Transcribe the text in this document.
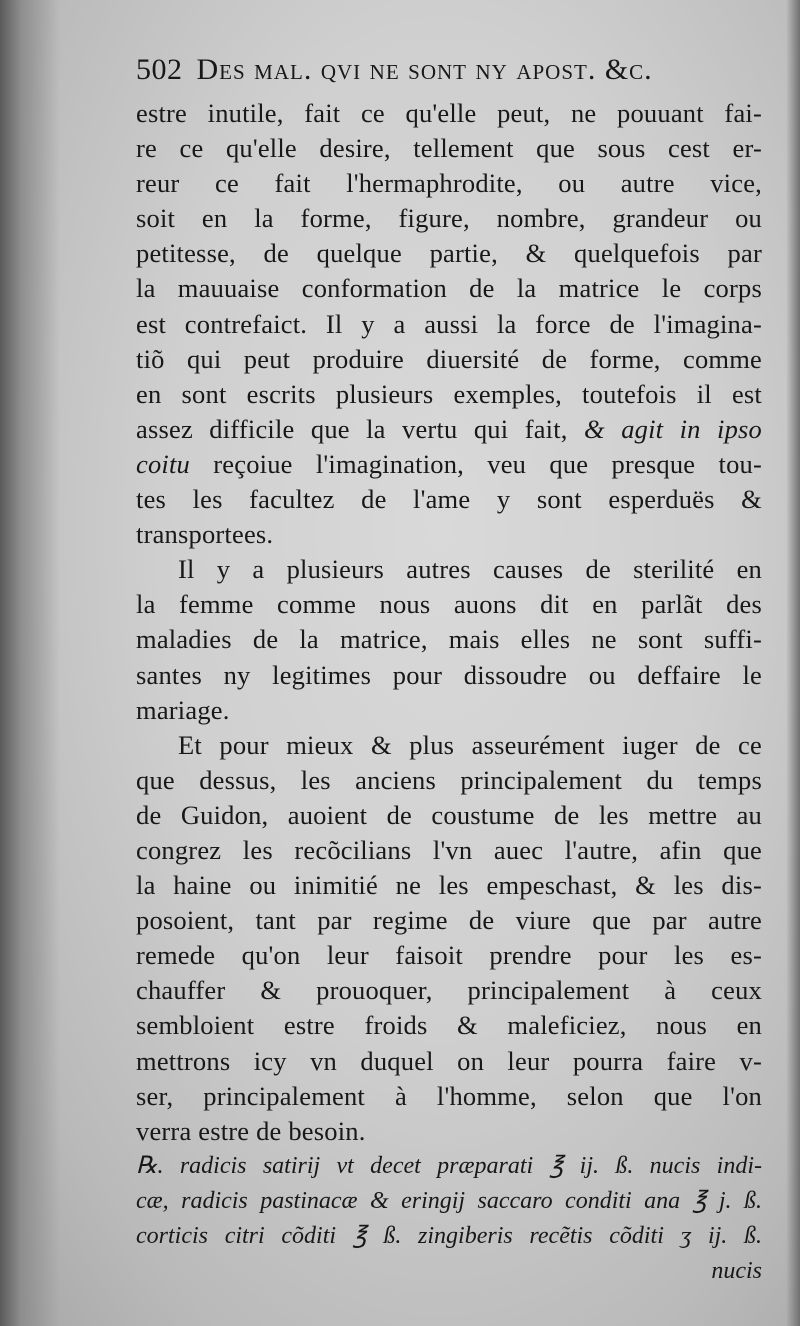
502 Des mal. qvi ne sont ny apost. &c.
estre inutile, fait ce qu'elle peut, ne pouuant fai-
re ce qu'elle desire, tellement que sous cest er-
reur ce fait l'hermaphrodite, ou autre vice,
soit en la forme, figure, nombre, grandeur ou
petitesse, de quelque partie, & quelquefois par
la mauuaise conformation de la matrice le corps
est contrefaict. Il y a aussi la force de l'imagina-
tiõ qui peut produire diuersité de forme, comme
en sont escrits plusieurs exemples, toutefois il est
assez difficile que la vertu qui fait, & agit in ipso
coitu reçoiue l'imagination, veu que presque tou-
tes les facultez de l'ame y sont esperduës &
transportees.
Il y a plusieurs autres causes de sterilité en
la femme comme nous auons dit en parlãt des
maladies de la matrice, mais elles ne sont suffi-
santes ny legitimes pour dissoudre ou deffaire le
mariage.
Et pour mieux & plus asseurément iuger de ce
que dessus, les anciens principalement du temps
de Guidon, auoient de coustume de les mettre au
congrez les recõcilians l'vn auec l'autre, afin que
la haine ou inimitié ne les empeschast, & les dis-
posoient, tant par regime de viure que par autre
remede qu'on leur faisoit prendre pour les es-
chauffer & prouoquer, principalement à ceux
sembloient estre froids & maleficiez, nous en
mettrons icy vn duquel on leur pourra faire v-
ser, principalement à l'homme, selon que l'on
verra estre de besoin.
℞. radicis satirij vt decet præparati ℥ ij. ß. nucis indi-
cæ, radicis pastinacæ & eringij saccaro conditi ana ℥ j. ß.
corticis citri cõditi ℥ ß. zingiberis recẽtis cõditi ʒ ij. ß.
nucis
